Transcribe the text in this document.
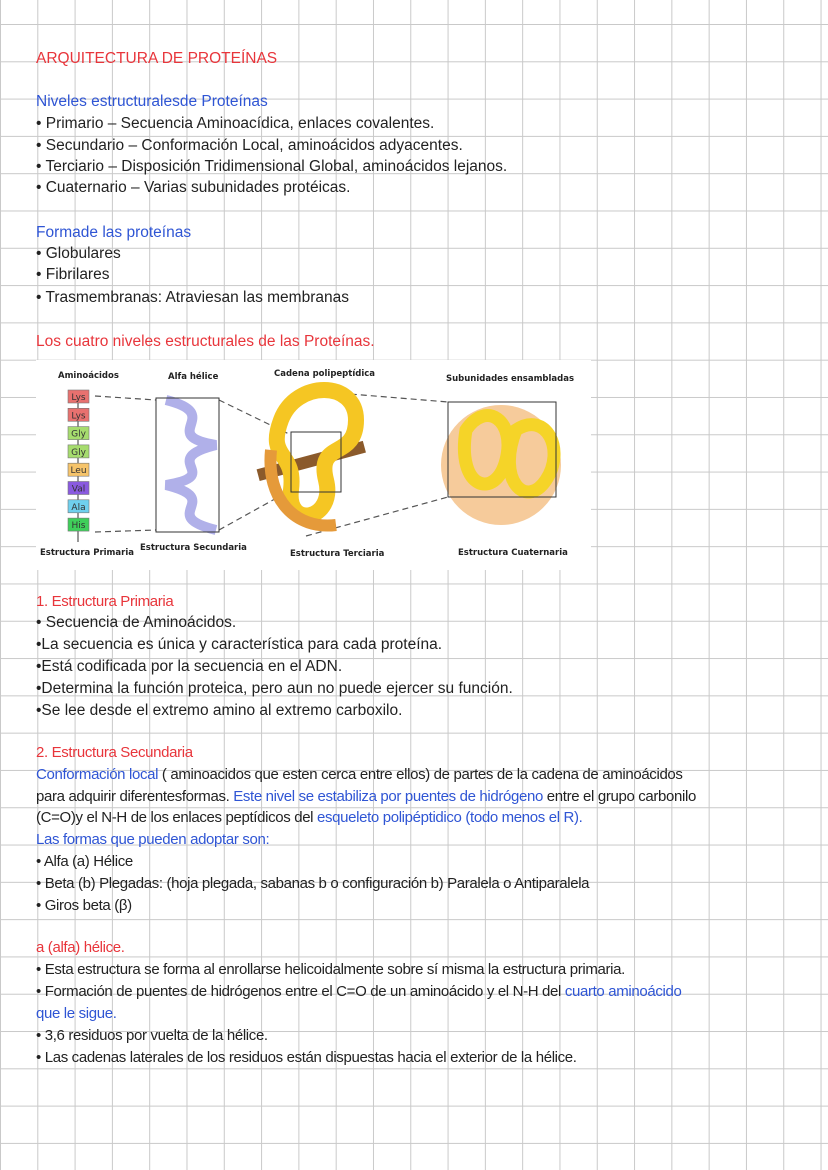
ARQUITECTURA DE PROTEÍNAS
Niveles estructuralesde Proteínas
• Primario – Secuencia Aminoacídica, enlaces covalentes.
• Secundario – Conformación Local, aminoácidos adyacentes.
• Terciario – Disposición Tridimensional Global, aminoácidos lejanos.
• Cuaternario – Varias subunidades protéicas.
Formade las proteínas
• Globulares
• Fibrilares
• Trasmembranas: Atraviesan las membranas
Los cuatro niveles estructurales de las Proteínas.
Aminoácidos	Alfa hélice	Cadena polipeptídica	Subunidades ensambladas
Estructura Primaria Estructura Secundaria
Estructura Terciaria	Estructura Cuaternaria
Lys
Lys
Gly
Gly
Leu
Val
Ala
His
1. Estructura Primaria
• Secuencia de Aminoácidos.
•La secuencia es única y característica para cada proteína.
•Está codificada por la secuencia en el ADN.
•Determina la función proteica, pero aun no puede ejercer su función.
•Se lee desde el extremo amino al extremo carboxilo.
2. Estructura Secundaria
Conformación local ( aminoacidos que esten cerca entre ellos) de partes de la cadena de aminoácidos
para adquirir diferentesformas. Este nivel se estabiliza por puentes de hidrógeno entre el grupo carbonilo
(C=O)y el N-H de los enlaces peptídicos del esqueleto polipéptidico (todo menos el R).
Las formas que pueden adoptar son:
• Alfa (a) Hélice
• Beta (b) Plegadas: (hoja plegada, sabanas b o configuración b) Paralela o Antiparalela
• Giros beta (β)
a (alfa) hélice.
• Esta estructura se forma al enrollarse helicoidalmente sobre sí misma la estructura primaria.
• Formación de puentes de hidrógenos entre el C=O de un aminoácido y el N-H del cuarto aminoácido
que le sigue.
• 3,6 residuos por vuelta de la hélice.
• Las cadenas laterales de los residuos están dispuestas hacia el exterior de la hélice.
